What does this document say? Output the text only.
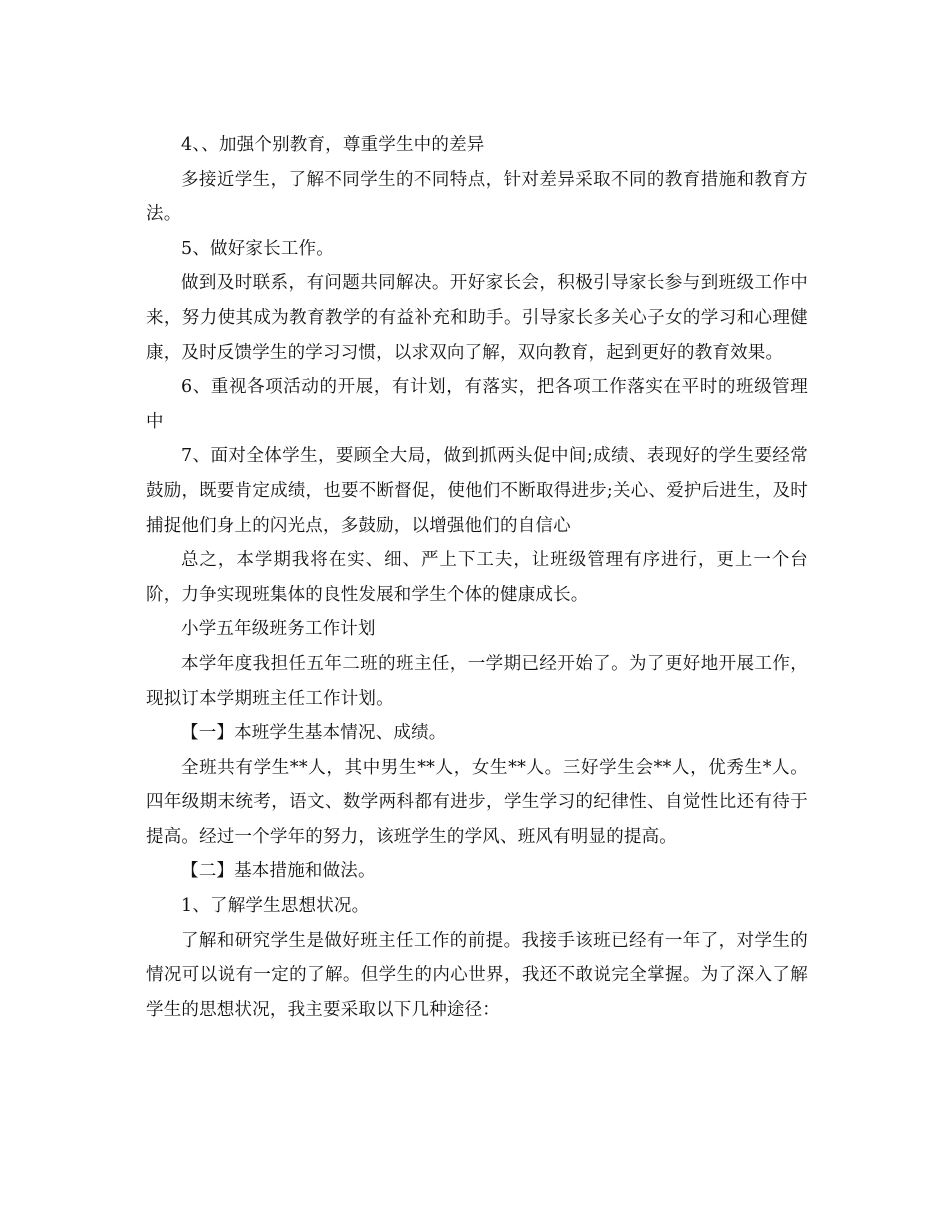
4、、加强个别教育，尊重学生中的差异

多接近学生，了解不同学生的不同特点，针对差异采取不同的教育措施和教育方法。

5、做好家长工作。

做到及时联系，有问题共同解决。开好家长会，积极引导家长参与到班级工作中来，努力使其成为教育教学的有益补充和助手。引导家长多关心子女的学习和心理健康，及时反馈学生的学习习惯，以求双向了解，双向教育，起到更好的教育效果。

6、重视各项活动的开展，有计划，有落实，把各项工作落实在平时的班级管理中

7、面对全体学生，要顾全大局，做到抓两头促中间;成绩、表现好的学生要经常鼓励，既要肯定成绩，也要不断督促，使他们不断取得进步;关心、爱护后进生，及时捕捉他们身上的闪光点，多鼓励，以增强他们的自信心

总之，本学期我将在实、细、严上下工夫，让班级管理有序进行，更上一个台阶，力争实现班集体的良性发展和学生个体的健康成长。

小学五年级班务工作计划

本学年度我担任五年二班的班主任，一学期已经开始了。为了更好地开展工作，现拟订本学期班主任工作计划。

【一】本班学生基本情况、成绩。

全班共有学生**人，其中男生**人，女生**人。三好学生会**人，优秀生*人。四年级期末统考，语文、数学两科都有进步，学生学习的纪律性、自觉性比还有待于提高。经过一个学年的努力，该班学生的学风、班风有明显的提高。

【二】基本措施和做法。

1、了解学生思想状况。

了解和研究学生是做好班主任工作的前提。我接手该班已经有一年了，对学生的情况可以说有一定的了解。但学生的内心世界，我还不敢说完全掌握。为了深入了解学生的思想状况，我主要采取以下几种途径：
